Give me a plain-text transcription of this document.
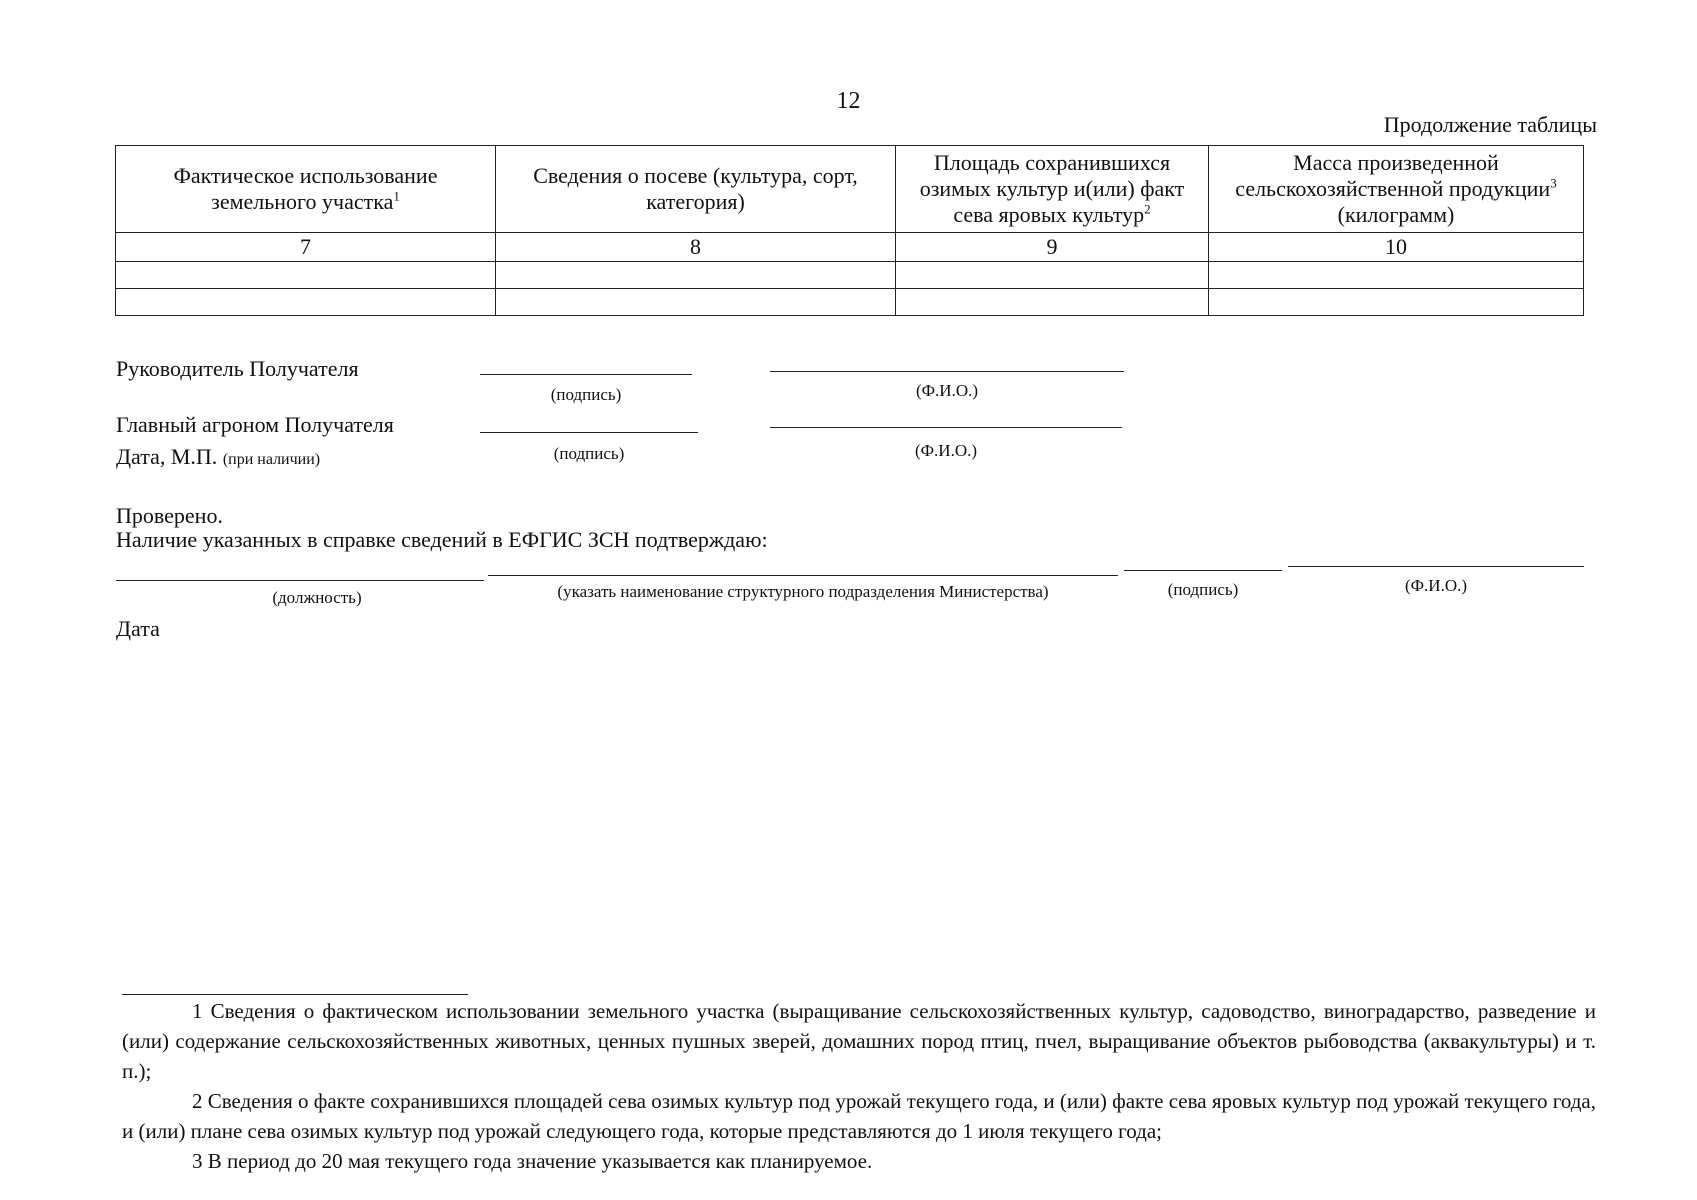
12
Продолжение таблицы
Фактическое использование земельного участка$^1$	Сведения о посеве (культура, сорт, категория)	Площадь сохранившихся озимых культур и(или) факт сева яровых культур$^2$	Масса произведенной сельскохозяйственной продукции$^3$
(килограмм)
7	8	9	10

Руководитель Получателя
(подпись)	(Ф.И.О.)
Главный агроном Получателя
Дата, М.П. (при наличии)	(подпись)	(Ф.И.О.)
Проверено.
Наличие указанных в справке сведений в ЕФГИС ЗСН подтверждаю:
(должность)	(указать наименование структурного подразделения Министерства)	(подпись)	(Ф.И.О.)
Дата

1 Сведения о фактическом использовании земельного участка (выращивание сельскохозяйственных культур, садоводство, виноградарство, разведение и (или) содержание сельскохозяйственных животных, ценных пушных зверей, домашних пород птиц, пчел, выращивание объектов рыбоводства (аквакультуры) и т. п.);

2 Сведения о факте сохранившихся площадей сева озимых культур под урожай текущего года, и (или) факте сева яровых культур под урожай текущего года, и (или) плане сева озимых культур под урожай следующего года, которые представляются до 1 июля текущего года;

3 В период до 20 мая текущего года значение указывается как планируемое.
